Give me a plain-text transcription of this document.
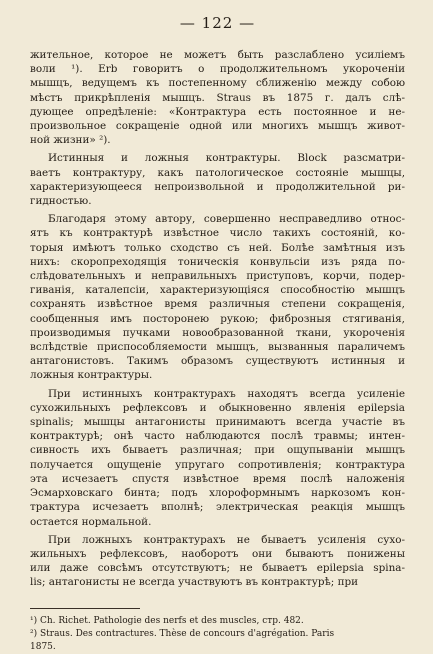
— 122 —

жительное, которое не можетъ быть разслаблено усиліемъ
воли ¹). Erb говоритъ о продолжительномъ укороченіи
мышцъ, ведущемъ къ постепенному сближенію между собою
мѣстъ прикрѣпленія мышцъ. Straus въ 1875 г. далъ слѣ-
дующее опредѣленіе: «Контрактура есть постоянное и не-
произвольное сокращеніе одной или многихъ мышцъ живот-
ной жизни» ²).

Истинныя и ложныя контрактуры. Block разсматри-
ваетъ контрактуру, какъ патологическое состояніе мышцы,
характеризующееся непроизвольной и продолжительной ри-
гидностью.

Благодаря этому автору, совершенно несправедливо относ-
ятъ къ контрактурѣ извѣстное число такихъ состояній, ко-
торыя имѣютъ только сходство съ ней. Болѣе замѣтныя изъ
нихъ: скоропреходящія тоническія конвульсіи изъ ряда по-
слѣдовательныхъ и неправильныхъ приступовъ, корчи, подер-
гиванія, каталепсіи, характеризующіяся способностію мышцъ
сохранять извѣстное время различныя степени сокращенія,
сообщенныя имъ посторонею рукою; фиброзныя стягиванія,
производимыя пучками новообразованной ткани, укороченія
вслѣдствіе приспособляемости мышцъ, вызванныя параличемъ
антагонистовъ. Такимъ образомъ существуютъ истинныя и
ложныя контрактуры.

При истинныхъ контрактурахъ находятъ всегда усиленіе
сухожильныхъ рефлексовъ и обыкновенно явленія epilepsia
spinalis; мышцы антагонисты принимаютъ всегда участіе въ
контрактурѣ; онѣ часто наблюдаются послѣ травмы; интен-
сивность ихъ бываетъ различная; при ощупываніи мышцъ
получается ощущеніе упругаго сопротивленія; контрактура
эта исчезаетъ спустя извѣстное время послѣ наложенія
Эсмарховскаго бинта; подъ хлороформнымъ наркозомъ кон-
трактура исчезаетъ вполнѣ; электрическая реакція мышцъ
остается нормальной.

При ложныхъ контрактурахъ не бываетъ усиленія сухо-
жильныхъ рефлексовъ, наоборотъ они бываютъ понижены
или даже совсѣмъ отсутствуютъ; не бываетъ epilepsia spina-
lis; антагонисты не всегда участвуютъ въ контрактурѣ; при

¹) Ch. Richet. Pathologie des nerfs et des muscles, стр. 482.
²) Straus. Des contractures. Thèse de concours d'agrégation. Paris
1875.
